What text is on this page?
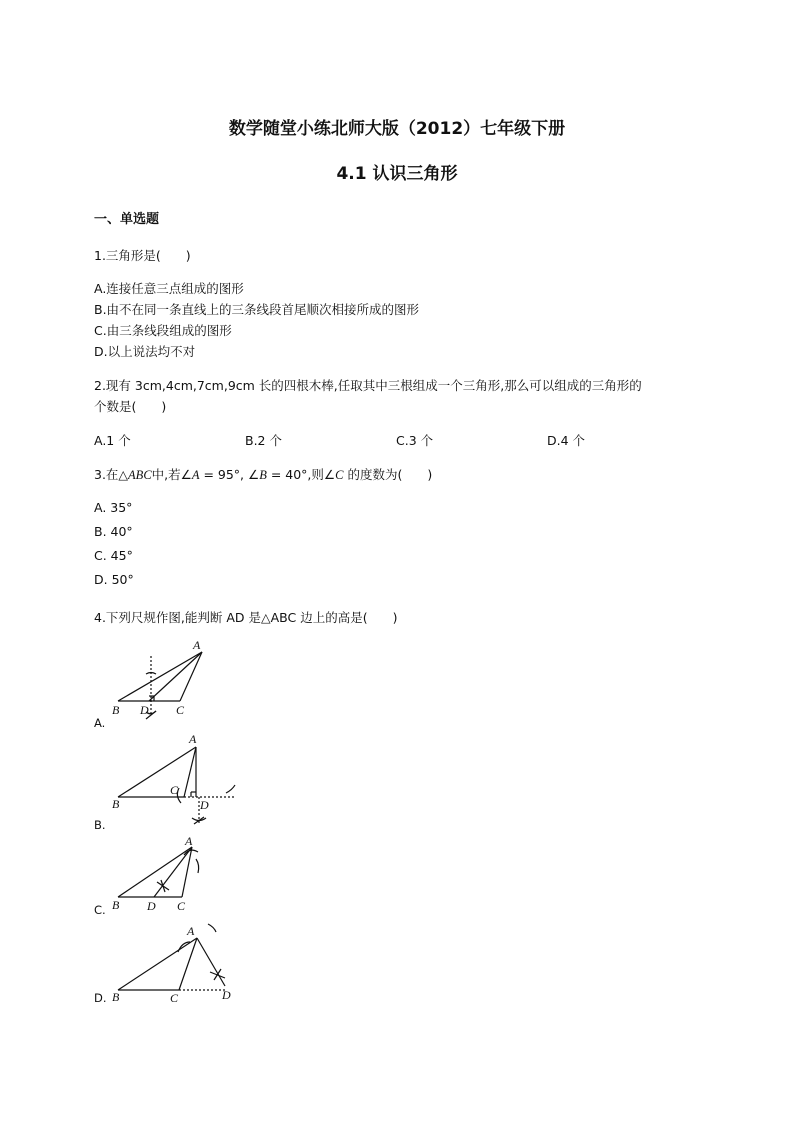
数学随堂小练北师大版（2012）七年级下册
4.1 认识三角形
一、单选题
1.三角形是(　　)
A.连接任意三点组成的图形
B.由不在同一条直线上的三条线段首尾顺次相接所成的图形
C.由三条线段组成的图形
D.以上说法均不对
2.现有 3cm,4cm,7cm,9cm 长的四根木棒,任取其中三根组成一个三角形,那么可以组成的三角形的
个数是(　　)
A.1 个	B.2 个	C.3 个	D.4 个
3.在△ABC中,若∠A = 95°, ∠B = 40°,则∠C 的度数为(　　)
A. 35°
B. 40°
C. 45°
D. 50°
4.下列尺规作图,能判断 AD 是△ABC 边上的高是(　　)
A
B D C
A.
A
B
C
D
B.
A
B D C
C.
A
B	C	D
D.
